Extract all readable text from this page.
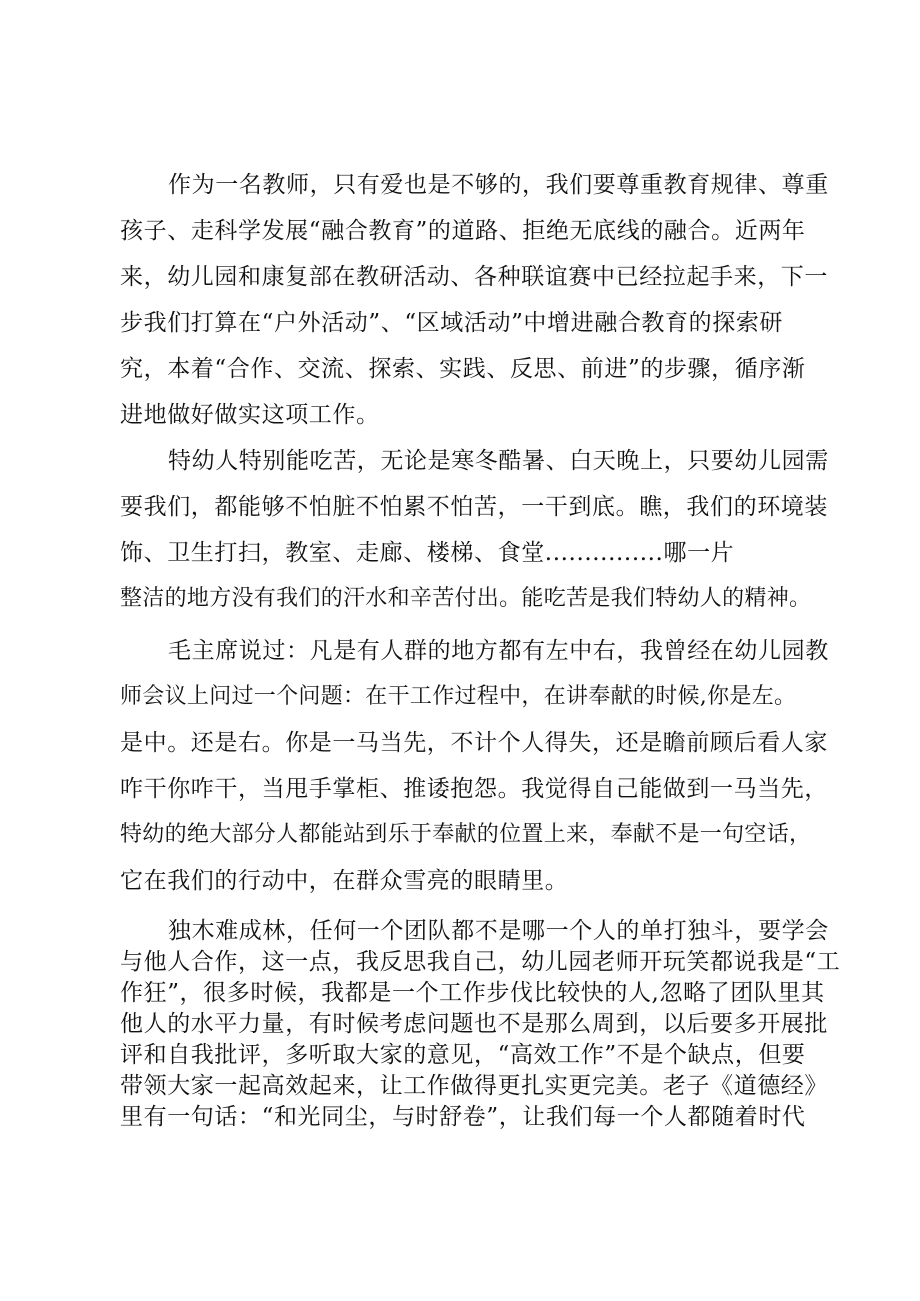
作为一名教师，只有爱也是不够的，我们要尊重教育规律、尊重
孩子、走科学发展“融合教育”的道路、拒绝无底线的融合。近两年
来，幼儿园和康复部在教研活动、各种联谊赛中已经拉起手来，下一
步我们打算在“户外活动”、“区域活动”中增进融合教育的探索研
究，本着“合作、交流、探索、实践、反思、前进”的步骤，循序渐
进地做好做实这项工作。
特幼人特别能吃苦，无论是寒冬酷暑、白天晚上，只要幼儿园需
要我们，都能够不怕脏不怕累不怕苦，一干到底。瞧，我们的环境装
饰、卫生打扫，教室、走廊、楼梯、食堂...............哪一片
整洁的地方没有我们的汗水和辛苦付出。能吃苦是我们特幼人的精神。
毛主席说过：凡是有人群的地方都有左中右，我曾经在幼儿园教
师会议上问过一个问题：在干工作过程中，在讲奉献的时候,你是左。
是中。还是右。你是一马当先，不计个人得失，还是瞻前顾后看人家
咋干你咋干，当甩手掌柜、推诿抱怨。我觉得自己能做到一马当先，
特幼的绝大部分人都能站到乐于奉献的位置上来，奉献不是一句空话，
它在我们的行动中，在群众雪亮的眼睛里。
独木难成林，任何一个团队都不是哪一个人的单打独斗，要学会
与他人合作，这一点，我反思我自己，幼儿园老师开玩笑都说我是“工
作狂”，很多时候，我都是一个工作步伐比较快的人,忽略了团队里其
他人的水平力量，有时候考虑问题也不是那么周到，以后要多开展批
评和自我批评，多听取大家的意见，“高效工作”不是个缺点，但要
带领大家一起高效起来，让工作做得更扎实更完美。老子《道德经》
里有一句话：“和光同尘，与时舒卷”，让我们每一个人都随着时代
